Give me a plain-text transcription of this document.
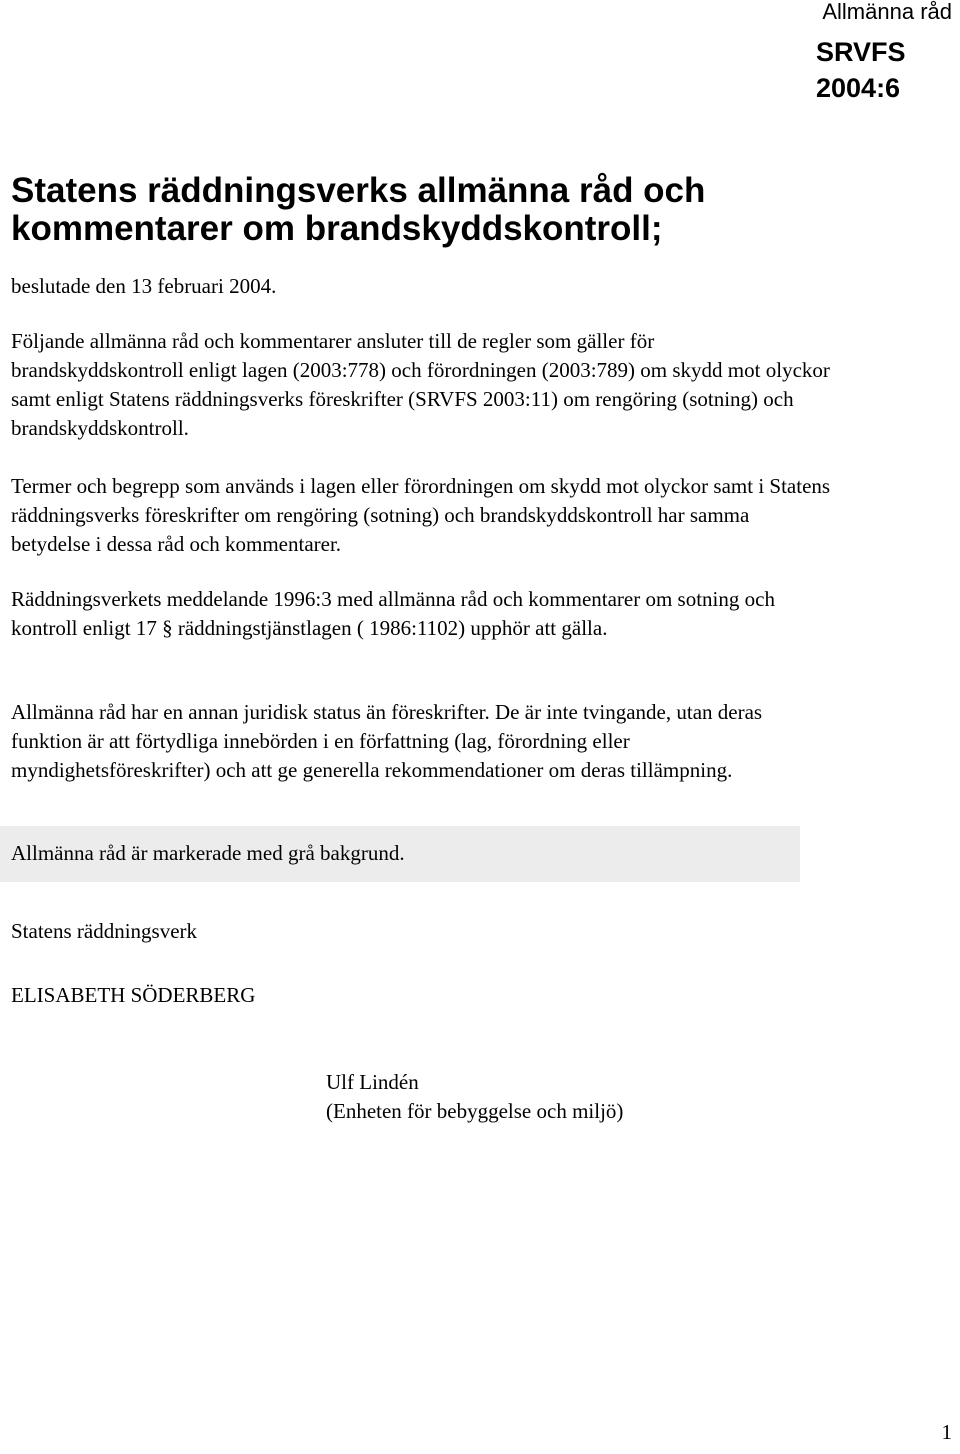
Allmänna råd
SRVFS
2004:6
Statens räddningsverks allmänna råd och kommentarer om brandskyddskontroll;
beslutade den 13 februari 2004.

Följande allmänna råd och kommentarer ansluter till de regler som gäller för brandskyddskontroll enligt lagen (2003:778) och förordningen (2003:789) om skydd mot olyckor samt enligt Statens räddningsverks föreskrifter (SRVFS 2003:11) om rengöring (sotning) och brandskyddskontroll.

Termer och begrepp som används i lagen eller förordningen om skydd mot olyckor samt i Statens räddningsverks föreskrifter om rengöring (sotning) och brandskyddskontroll har samma betydelse i dessa råd och kommentarer.

Räddningsverkets meddelande 1996:3 med allmänna råd och kommentarer om sotning och kontroll enligt 17 § räddningstjänstlagen ( 1986:1102) upphör att gälla.

Allmänna råd har en annan juridisk status än föreskrifter. De är inte tvingande, utan deras funktion är att förtydliga innebörden i en författning (lag, förordning eller myndighetsföreskrifter) och att ge generella rekommendationer om deras tillämpning.

Allmänna råd är markerade med grå bakgrund.
Statens räddningsverk
ELISABETH SÖDERBERG
Ulf Lindén
(Enheten för bebyggelse och miljö)
1
